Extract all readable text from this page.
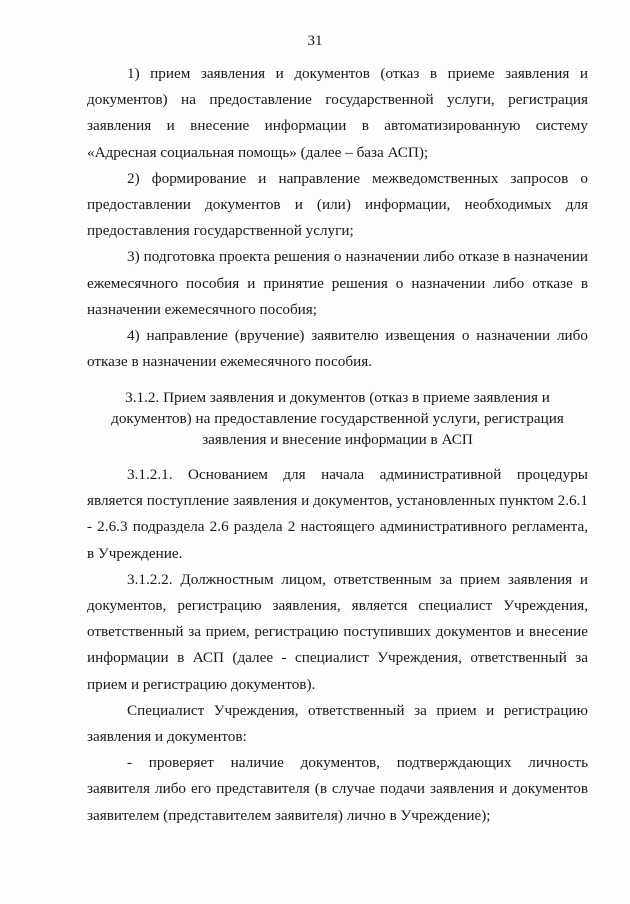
31

1) прием заявления и документов (отказ в приеме заявления и документов) на предоставление государственной услуги, регистрация заявления и внесение информации в автоматизированную систему «Адресная социальная помощь» (далее – база АСП);

2) формирование и направление межведомственных запросов о предоставлении документов и (или) информации, необходимых для предоставления государственной услуги;

3) подготовка проекта решения о назначении либо отказе в назначении ежемесячного пособия и принятие решения о назначении либо отказе в назначении ежемесячного пособия;

4) направление (вручение) заявителю извещения о назначении либо отказе в назначении ежемесячного пособия.

3.1.2. Прием заявления и документов (отказ в приеме заявления и
документов) на предоставление государственной услуги, регистрация
заявления и внесение информации в АСП

3.1.2.1. Основанием для начала административной процедуры является поступление заявления и документов, установленных пунктом 2.6.1 - 2.6.3 подраздела 2.6 раздела 2 настоящего административного регламента, в Учреждение.

3.1.2.2. Должностным лицом, ответственным за прием заявления и документов, регистрацию заявления, является специалист Учреждения, ответственный за прием, регистрацию поступивших документов и внесение информации в АСП (далее - специалист Учреждения, ответственный за прием и регистрацию документов).

Специалист Учреждения, ответственный за прием и регистрацию заявления и документов:

- проверяет наличие документов, подтверждающих личность заявителя либо его представителя (в случае подачи заявления и документов заявителем (представителем заявителя) лично в Учреждение);
